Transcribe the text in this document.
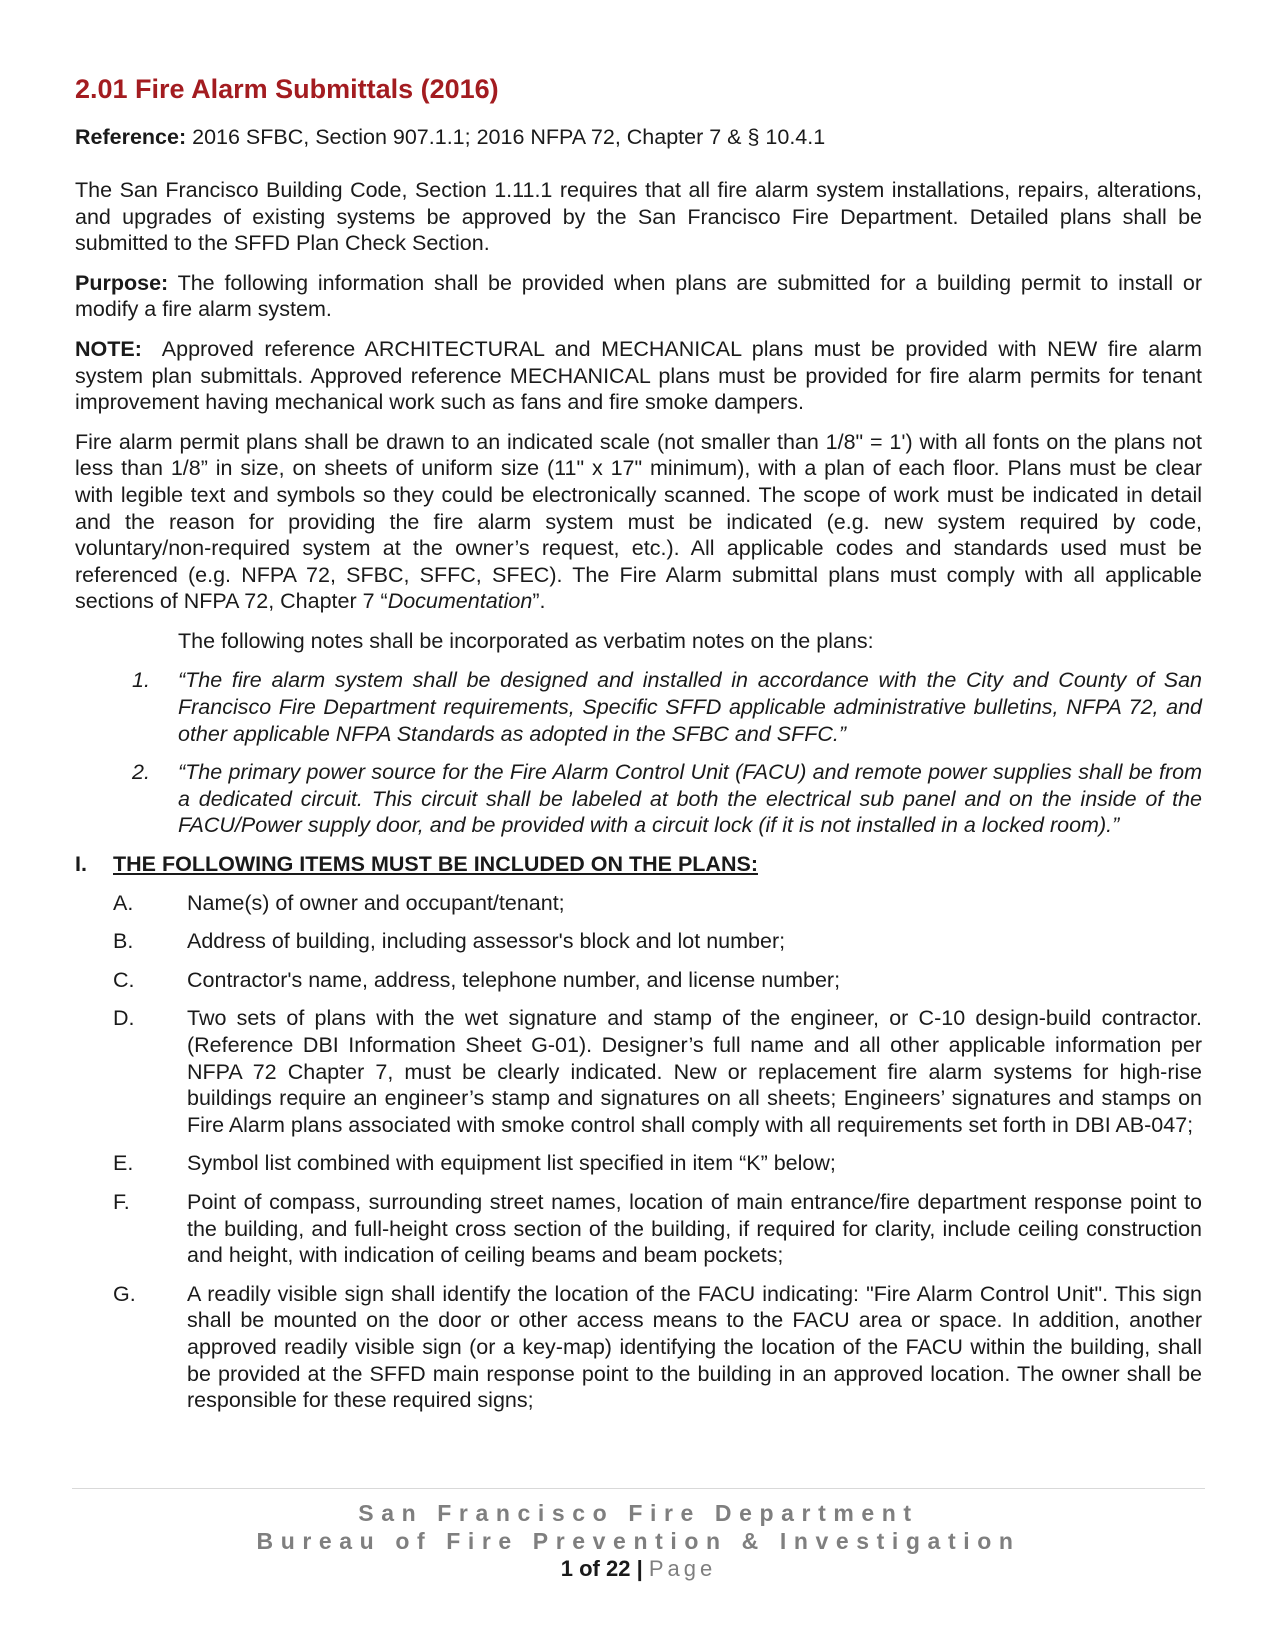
2.01 Fire Alarm Submittals (2016)

Reference: 2016 SFBC, Section 907.1.1; 2016 NFPA 72, Chapter 7 & § 10.4.1

The San Francisco Building Code, Section 1.11.1 requires that all fire alarm system installations, repairs, alterations, and upgrades of existing systems be approved by the San Francisco Fire Department. Detailed plans shall be submitted to the SFFD Plan Check Section.

Purpose: The following information shall be provided when plans are submitted for a building permit to install or modify a fire alarm system.

NOTE:  Approved reference ARCHITECTURAL and MECHANICAL plans must be provided with NEW fire alarm system plan submittals. Approved reference MECHANICAL plans must be provided for fire alarm permits for tenant improvement having mechanical work such as fans and fire smoke dampers.

Fire alarm permit plans shall be drawn to an indicated scale (not smaller than 1/8" = 1') with all fonts on the plans not less than 1/8” in size, on sheets of uniform size (11" x 17" minimum), with a plan of each floor. Plans must be clear with legible text and symbols so they could be electronically scanned. The scope of work must be indicated in detail and the reason for providing the fire alarm system must be indicated (e.g. new system required by code, voluntary/non-required system at the owner’s request, etc.). All applicable codes and standards used must be referenced (e.g. NFPA 72, SFBC, SFFC, SFEC). The Fire Alarm submittal plans must comply with all applicable sections of NFPA 72, Chapter 7 “Documentation”.

The following notes shall be incorporated as verbatim notes on the plans:

1. “The fire alarm system shall be designed and installed in accordance with the City and County of San Francisco Fire Department requirements, Specific SFFD applicable administrative bulletins, NFPA 72, and other applicable NFPA Standards as adopted in the SFBC and SFFC.”
2. “The primary power source for the Fire Alarm Control Unit (FACU) and remote power supplies shall be from a dedicated circuit. This circuit shall be labeled at both the electrical sub panel and on the inside of the FACU/Power supply door, and be provided with a circuit lock (if it is not installed in a locked room).”
I. THE FOLLOWING ITEMS MUST BE INCLUDED ON THE PLANS:
A. Name(s) of owner and occupant/tenant;
B. Address of building, including assessor's block and lot number;
C. Contractor's name, address, telephone number, and license number;
D. Two sets of plans with the wet signature and stamp of the engineer, or C-10 design-build contractor. (Reference DBI Information Sheet G-01). Designer’s full name and all other applicable information per NFPA 72 Chapter 7, must be clearly indicated. New or replacement fire alarm systems for high-rise buildings require an engineer’s stamp and signatures on all sheets; Engineers’ signatures and stamps on Fire Alarm plans associated with smoke control shall comply with all requirements set forth in DBI AB-047;
E. Symbol list combined with equipment list specified in item “K” below;
F.	Point of compass, surrounding street names, location of main entrance/fire department response point to the building, and full-height cross section of the building, if required for clarity, include ceiling construction and height, with indication of ceiling beams and beam pockets;
G. A readily visible sign shall identify the location of the FACU indicating: "Fire Alarm Control Unit". This sign shall be mounted on the door or other access means to the FACU area or space. In addition, another approved readily visible sign (or a key-map) identifying the location of the FACU within the building, shall be provided at the SFFD main response point to the building in an approved location. The owner shall be responsible for these required signs;
San Francisco Fire Department
Bureau of Fire Prevention & Investigation
1 of 22 | Page
